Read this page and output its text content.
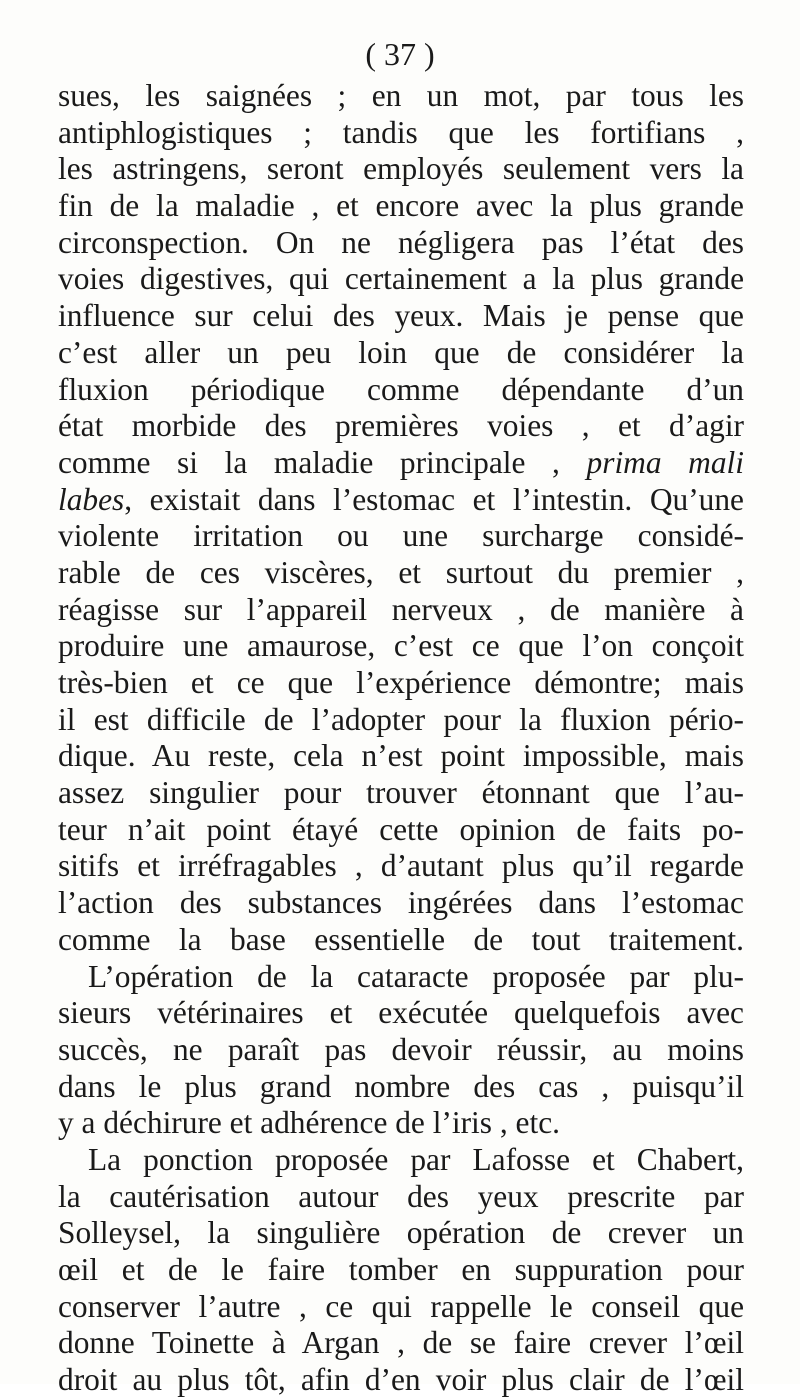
( 37 )
sues, les saignées ; en un mot, par tous les
antiphlogistiques ; tandis que les fortifians ,
les astringens, seront employés seulement vers la
fin de la maladie , et encore avec la plus grande
circonspection. On ne négligera pas l’état des
voies digestives, qui certainement a la plus grande
influence sur celui des yeux. Mais je pense que
c’est aller un peu loin que de considérer la
fluxion périodique comme dépendante d’un
état morbide des premières voies , et d’agir
comme si la maladie principale , prima mali
labes, existait dans l’estomac et l’intestin. Qu’une
violente irritation ou une surcharge considé-
rable de ces viscères, et surtout du premier ,
réagisse sur l’appareil nerveux , de manière à
produire une amaurose, c’est ce que l’on conçoit
très-bien et ce que l’expérience démontre; mais
il est difficile de l’adopter pour la fluxion pério-
dique. Au reste, cela n’est point impossible, mais
assez singulier pour trouver étonnant que l’au-
teur n’ait point étayé cette opinion de faits po-
sitifs et irréfragables , d’autant plus qu’il regarde
l’action des substances ingérées dans l’estomac
comme la base essentielle de tout traitement.
L’opération de la cataracte proposée par plu-
sieurs vétérinaires et exécutée quelquefois avec
succès, ne paraît pas devoir réussir, au moins
dans le plus grand nombre des cas , puisqu’il
y a déchirure et adhérence de l’iris , etc.
La ponction proposée par Lafosse et Chabert,
la cautérisation autour des yeux prescrite par
Solleysel, la singulière opération de crever un
œil et de le faire tomber en suppuration pour
conserver l’autre , ce qui rappelle le conseil que
donne Toinette à Argan , de se faire crever l’œil
droit au plus tôt, afin d’en voir plus clair de l’œil
